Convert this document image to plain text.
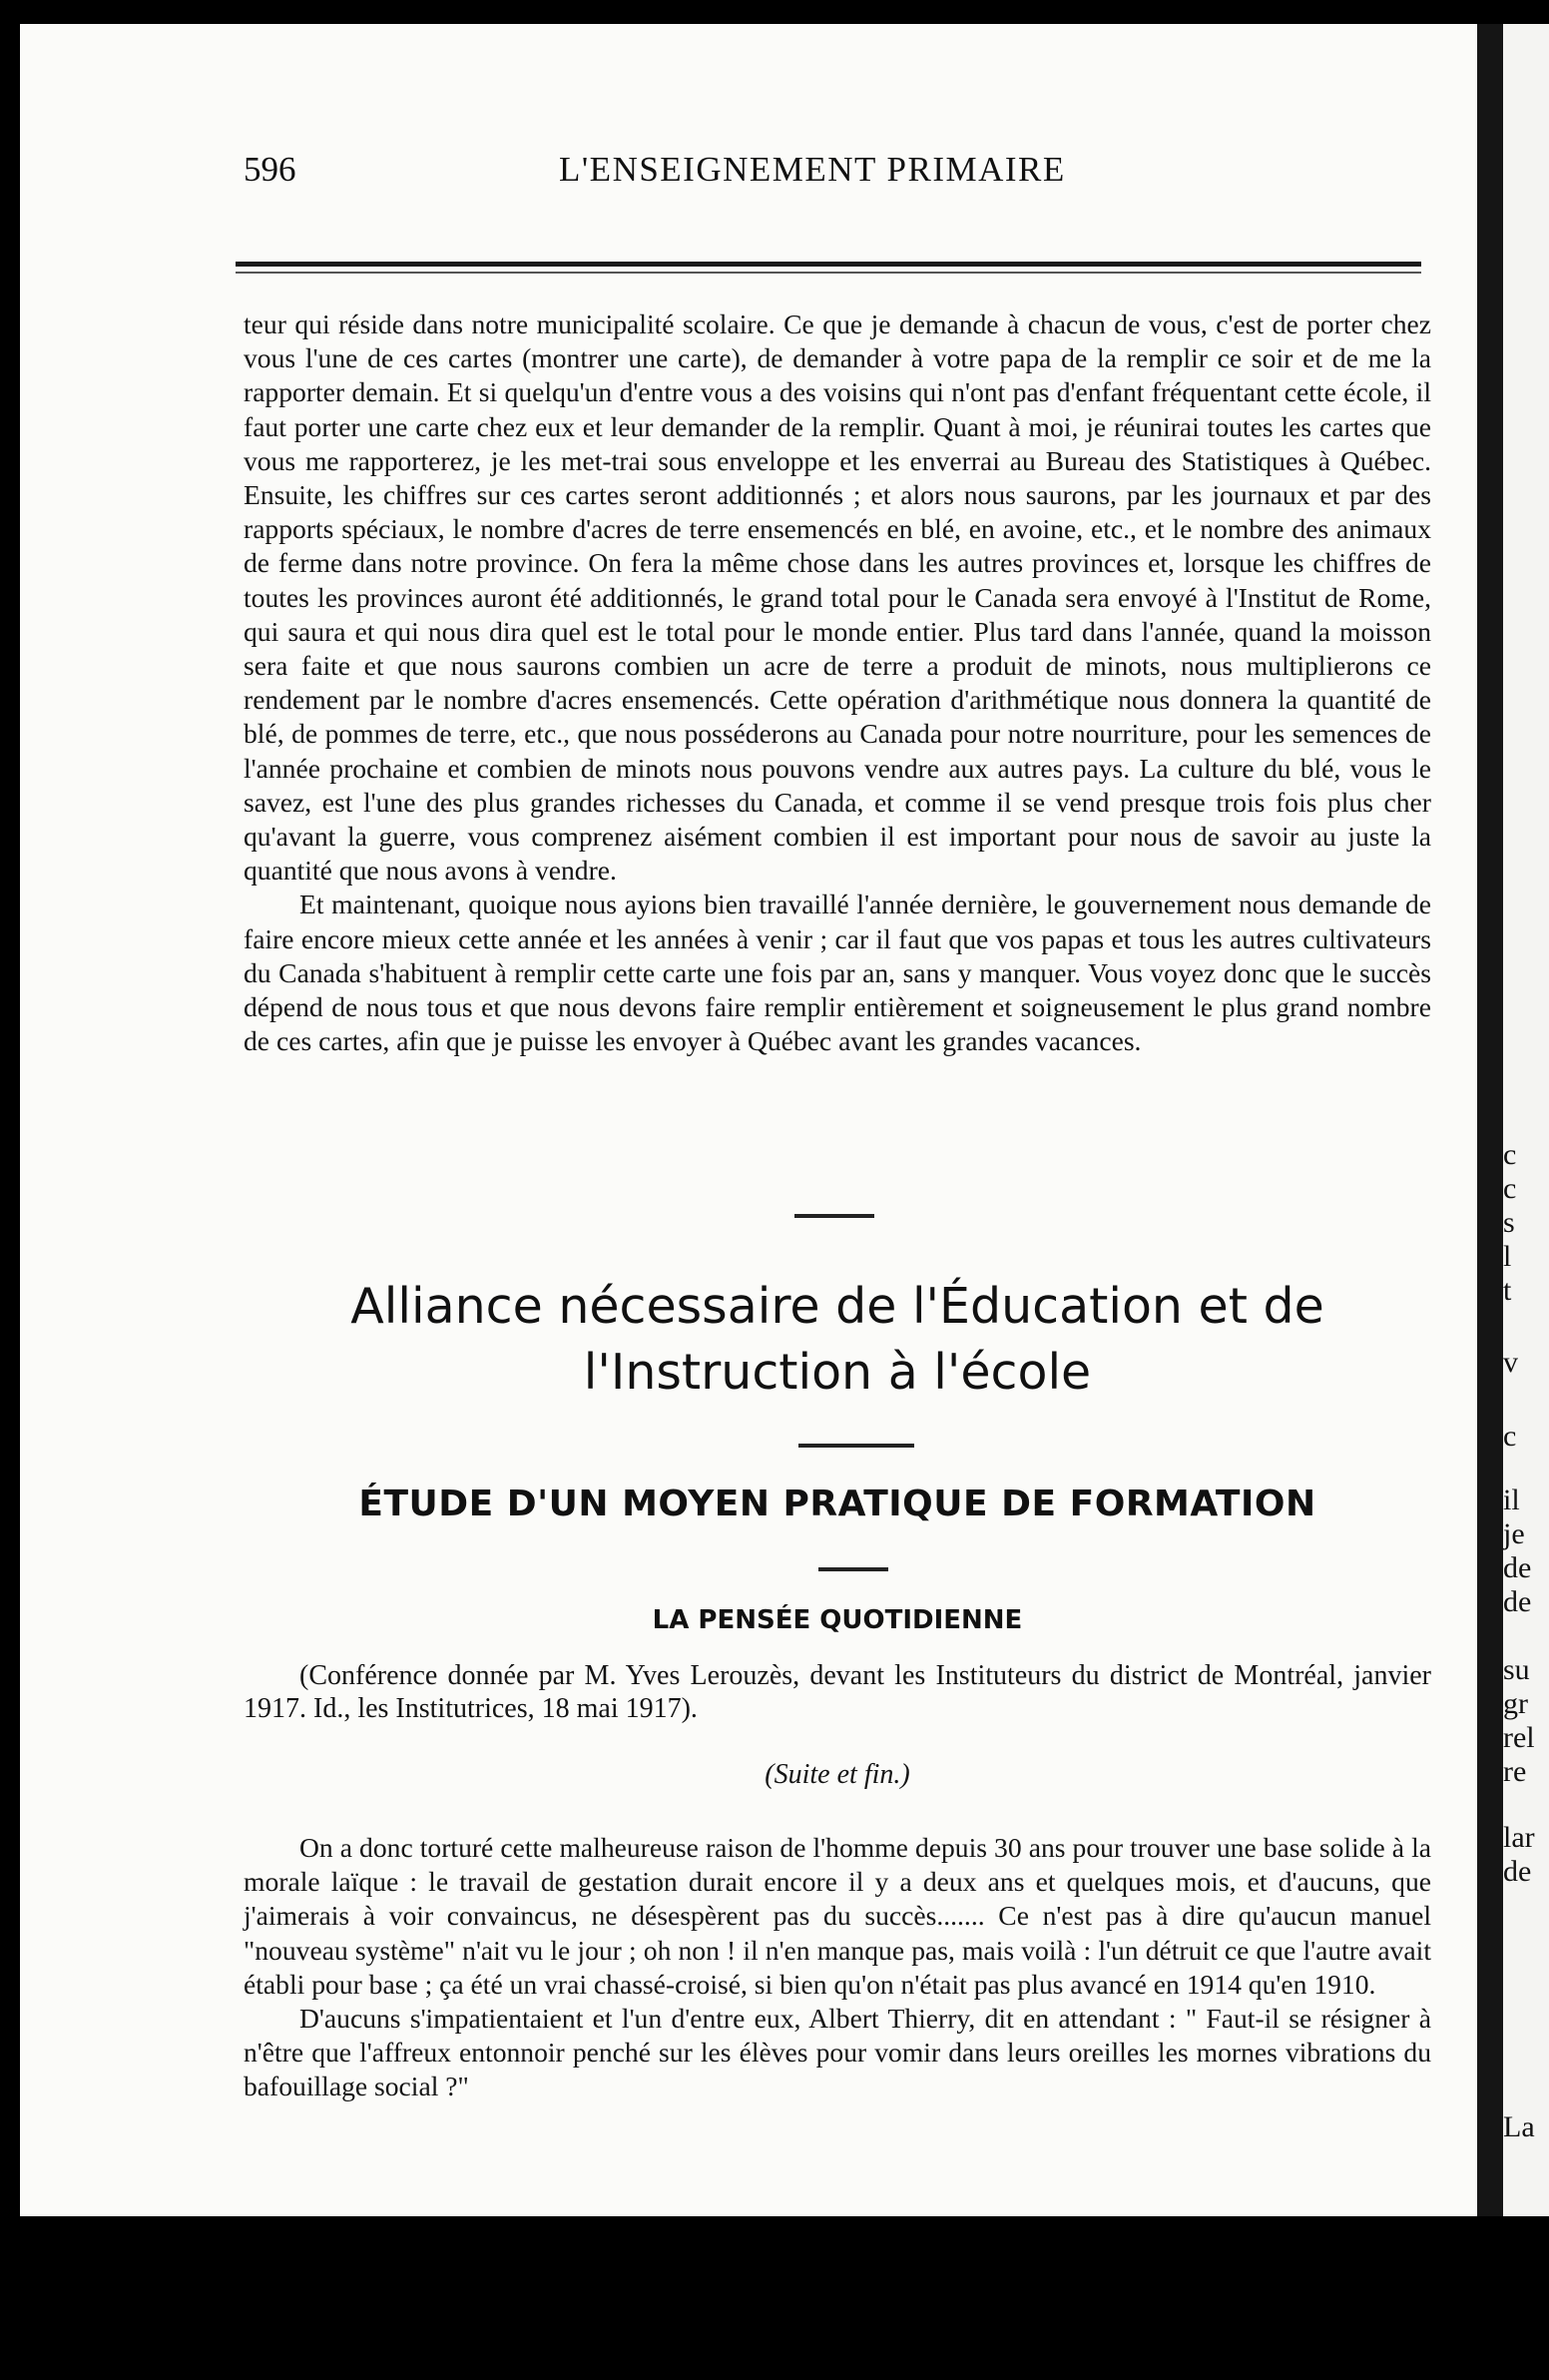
c
c
s
l
t
v
c
il
je
de
de
su
gr
rel
re
lar
de
La
596	L'ENSEIGNEMENT PRIMAIRE

teur qui réside dans notre municipalité scolaire. Ce que je demande à chacun de vous, c'est de porter chez vous l'une de ces cartes (montrer une carte), de demander à votre papa de la remplir ce soir et de me la rapporter demain. Et si quelqu'un d'entre vous a des voisins qui n'ont pas d'enfant fréquentant cette école, il faut porter une carte chez eux et leur demander de la remplir. Quant à moi, je réunirai toutes les cartes que vous me rapporterez, je les met-trai sous enveloppe et les enverrai au Bureau des Statistiques à Québec. Ensuite, les chiffres sur ces cartes seront additionnés ; et alors nous saurons, par les journaux et par des rapports spéciaux, le nombre d'acres de terre ensemencés en blé, en avoine, etc., et le nombre des animaux de ferme dans notre province. On fera la même chose dans les autres provinces et, lorsque les chiffres de toutes les provinces auront été additionnés, le grand total pour le Canada sera envoyé à l'Institut de Rome, qui saura et qui nous dira quel est le total pour le monde entier. Plus tard dans l'année, quand la moisson sera faite et que nous saurons combien un acre de terre a produit de minots, nous multiplierons ce rendement par le nombre d'acres ensemencés. Cette opération d'arithmétique nous donnera la quantité de blé, de pommes de terre, etc., que nous posséderons au Canada pour notre nourriture, pour les semences de l'année prochaine et combien de minots nous pouvons vendre aux autres pays. La culture du blé, vous le savez, est l'une des plus grandes richesses du Canada, et comme il se vend presque trois fois plus cher qu'avant la guerre, vous comprenez aisément combien il est important pour nous de savoir au juste la quantité que nous avons à vendre.

Et maintenant, quoique nous ayions bien travaillé l'année dernière, le gouvernement nous demande de faire encore mieux cette année et les années à venir ; car il faut que vos papas et tous les autres cultivateurs du Canada s'habituent à remplir cette carte une fois par an, sans y manquer. Vous voyez donc que le succès dépend de nous tous et que nous devons faire remplir entièrement et soigneusement le plus grand nombre de ces cartes, afin que je puisse les envoyer à Québec avant les grandes vacances.

Alliance nécessaire de l'Éducation et de
l'Instruction à l'école
ÉTUDE D'UN MOYEN PRATIQUE DE FORMATION
LA PENSÉE QUOTIDIENNE
(Conférence donnée par M. Yves Lerouzès, devant les Instituteurs du district de Montréal, janvier 1917. Id., les Institutrices, 18 mai 1917).
(Suite et fin.)

On a donc torturé cette malheureuse raison de l'homme depuis 30 ans pour trouver une base solide à la morale laïque : le travail de gestation durait encore il y a deux ans et quelques mois, et d'aucuns, que j'aimerais à voir convaincus, ne désespèrent pas du succès....... Ce n'est pas à dire qu'aucun manuel "nouveau système" n'ait vu le jour ; oh non ! il n'en manque pas, mais voilà : l'un détruit ce que l'autre avait établi pour base ; ça été un vrai chassé-croisé, si bien qu'on n'était pas plus avancé en 1914 qu'en 1910.

D'aucuns s'impatientaient et l'un d'entre eux, Albert Thierry, dit en attendant : " Faut-il se résigner à n'être que l'affreux entonnoir penché sur les élèves pour vomir dans leurs oreilles les mornes vibrations du bafouillage social ?"
